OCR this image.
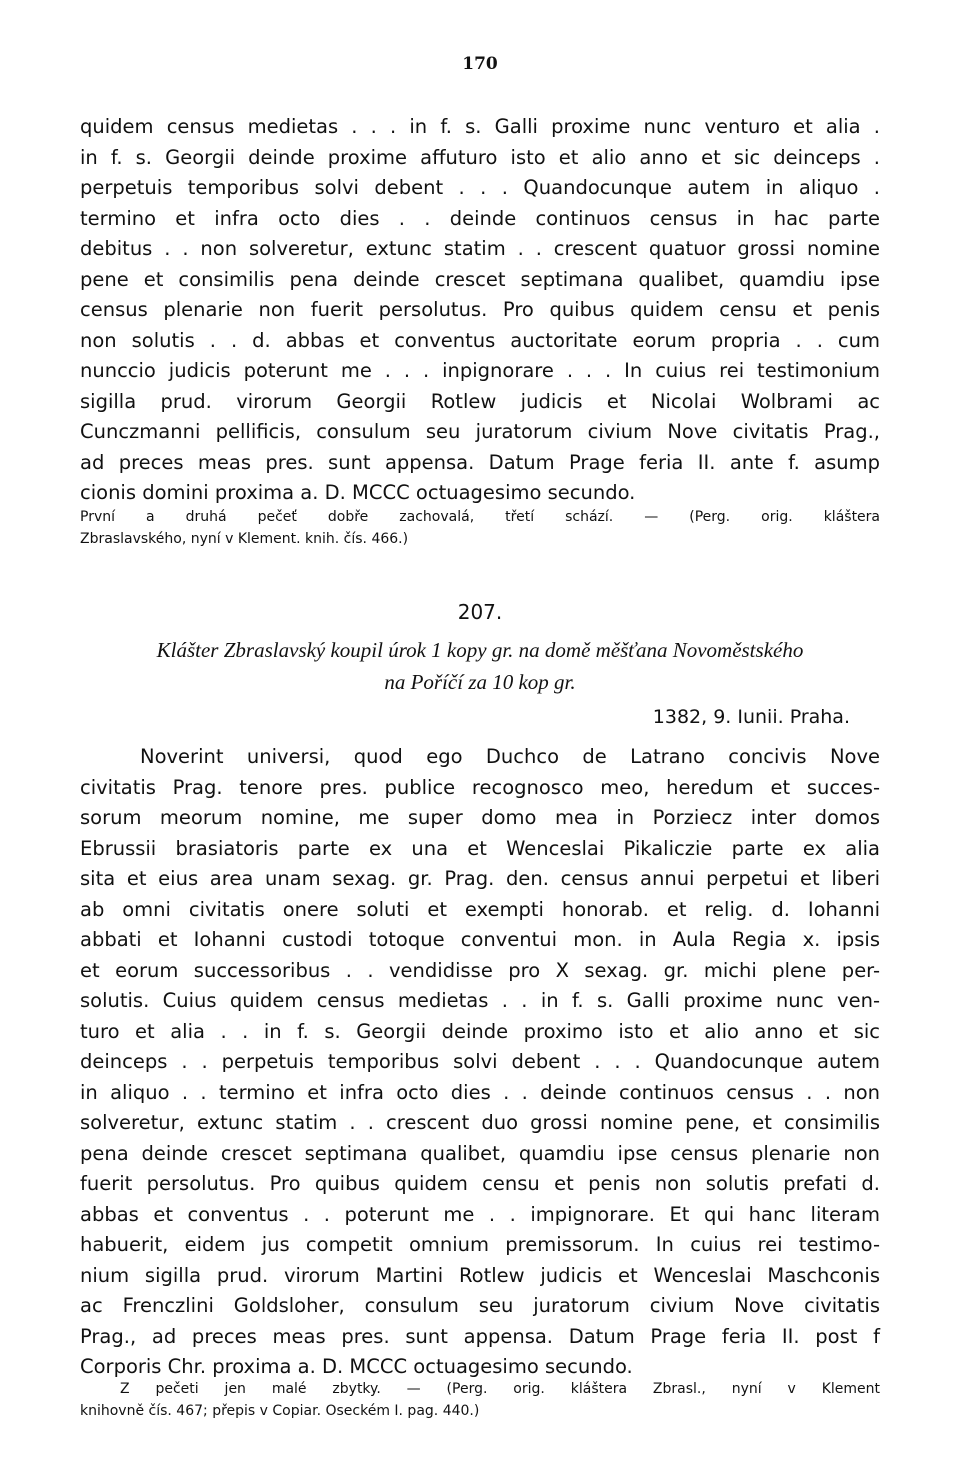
170
quidem census medietas . . . in f. s. Galli proxime nunc venturo et alia .
in f. s. Georgii deinde proxime affuturo isto et alio anno et sic deinceps .
perpetuis temporibus solvi debent . . . Quandocunque autem in aliquo .
termino et infra octo dies . . deinde continuos census in hac parte
debitus . . non solveretur, extunc statim . . crescent quatuor grossi nomine
pene et consimilis pena deinde crescet septimana qualibet, quamdiu ipse
census plenarie non fuerit persolutus. Pro quibus quidem censu et penis
non solutis . . d. abbas et conventus auctoritate eorum propria . . cum
nunccio judicis poterunt me . . . inpignorare . . . In cuius rei testimonium
sigilla prud. virorum Georgii Rotlew judicis et Nicolai Wolbrami ac
Cunczmanni pellificis, consulum seu juratorum civium Nove civitatis Prag.,
ad preces meas pres. sunt appensa. Datum Prage feria II. ante f. asump
cionis domini proxima a. D. MCCC octuagesimo secundo.
První a druhá pečeť dobře zachovalá, třetí schází. — (Perg. orig. kláštera
Zbraslavského, nyní v Klement. knih. čís. 466.)
207.
Klášter Zbraslavský koupil úrok 1 kopy gr. na domě měšťana Novoměstského
na Poříčí za 10 kop gr.
1382, 9. Iunii. Praha.
Noverint universi, quod ego Duchco de Latrano concivis Nove
civitatis Prag. tenore pres. publice recognosco meo, heredum et succes-
sorum meorum nomine, me super domo mea in Porziecz inter domos
Ebrussii brasiatoris parte ex una et Wenceslai Pikaliczie parte ex alia
sita et eius area unam sexag. gr. Prag. den. census annui perpetui et liberi
ab omni civitatis onere soluti et exempti honorab. et relig. d. Iohanni
abbati et Iohanni custodi totoque conventui mon. in Aula Regia x. ipsis
et eorum successoribus . . vendidisse pro X sexag. gr. michi plene per-
solutis. Cuius quidem census medietas . . in f. s. Galli proxime nunc ven-
turo et alia . . in f. s. Georgii deinde proximo isto et alio anno et sic
deinceps . . perpetuis temporibus solvi debent . . . Quandocunque autem
in aliquo . . termino et infra octo dies . . deinde continuos census . . non
solveretur, extunc statim . . crescent duo grossi nomine pene, et consimilis
pena deinde crescet septimana qualibet, quamdiu ipse census plenarie non
fuerit persolutus. Pro quibus quidem censu et penis non solutis prefati d.
abbas et conventus . . poterunt me . . impignorare. Et qui hanc literam
habuerit, eidem jus competit omnium premissorum. In cuius rei testimo-
nium sigilla prud. virorum Martini Rotlew judicis et Wenceslai Maschconis
ac Frenczlini Goldsloher, consulum seu juratorum civium Nove civitatis
Prag., ad preces meas pres. sunt appensa. Datum Prage feria II. post f
Corporis Chr. proxima a. D. MCCC octuagesimo secundo.
Z pečeti jen malé zbytky. — (Perg. orig. kláštera Zbrasl., nyní v Klement
knihovně čís. 467; přepis v Copiar. Oseckém I. pag. 440.)
